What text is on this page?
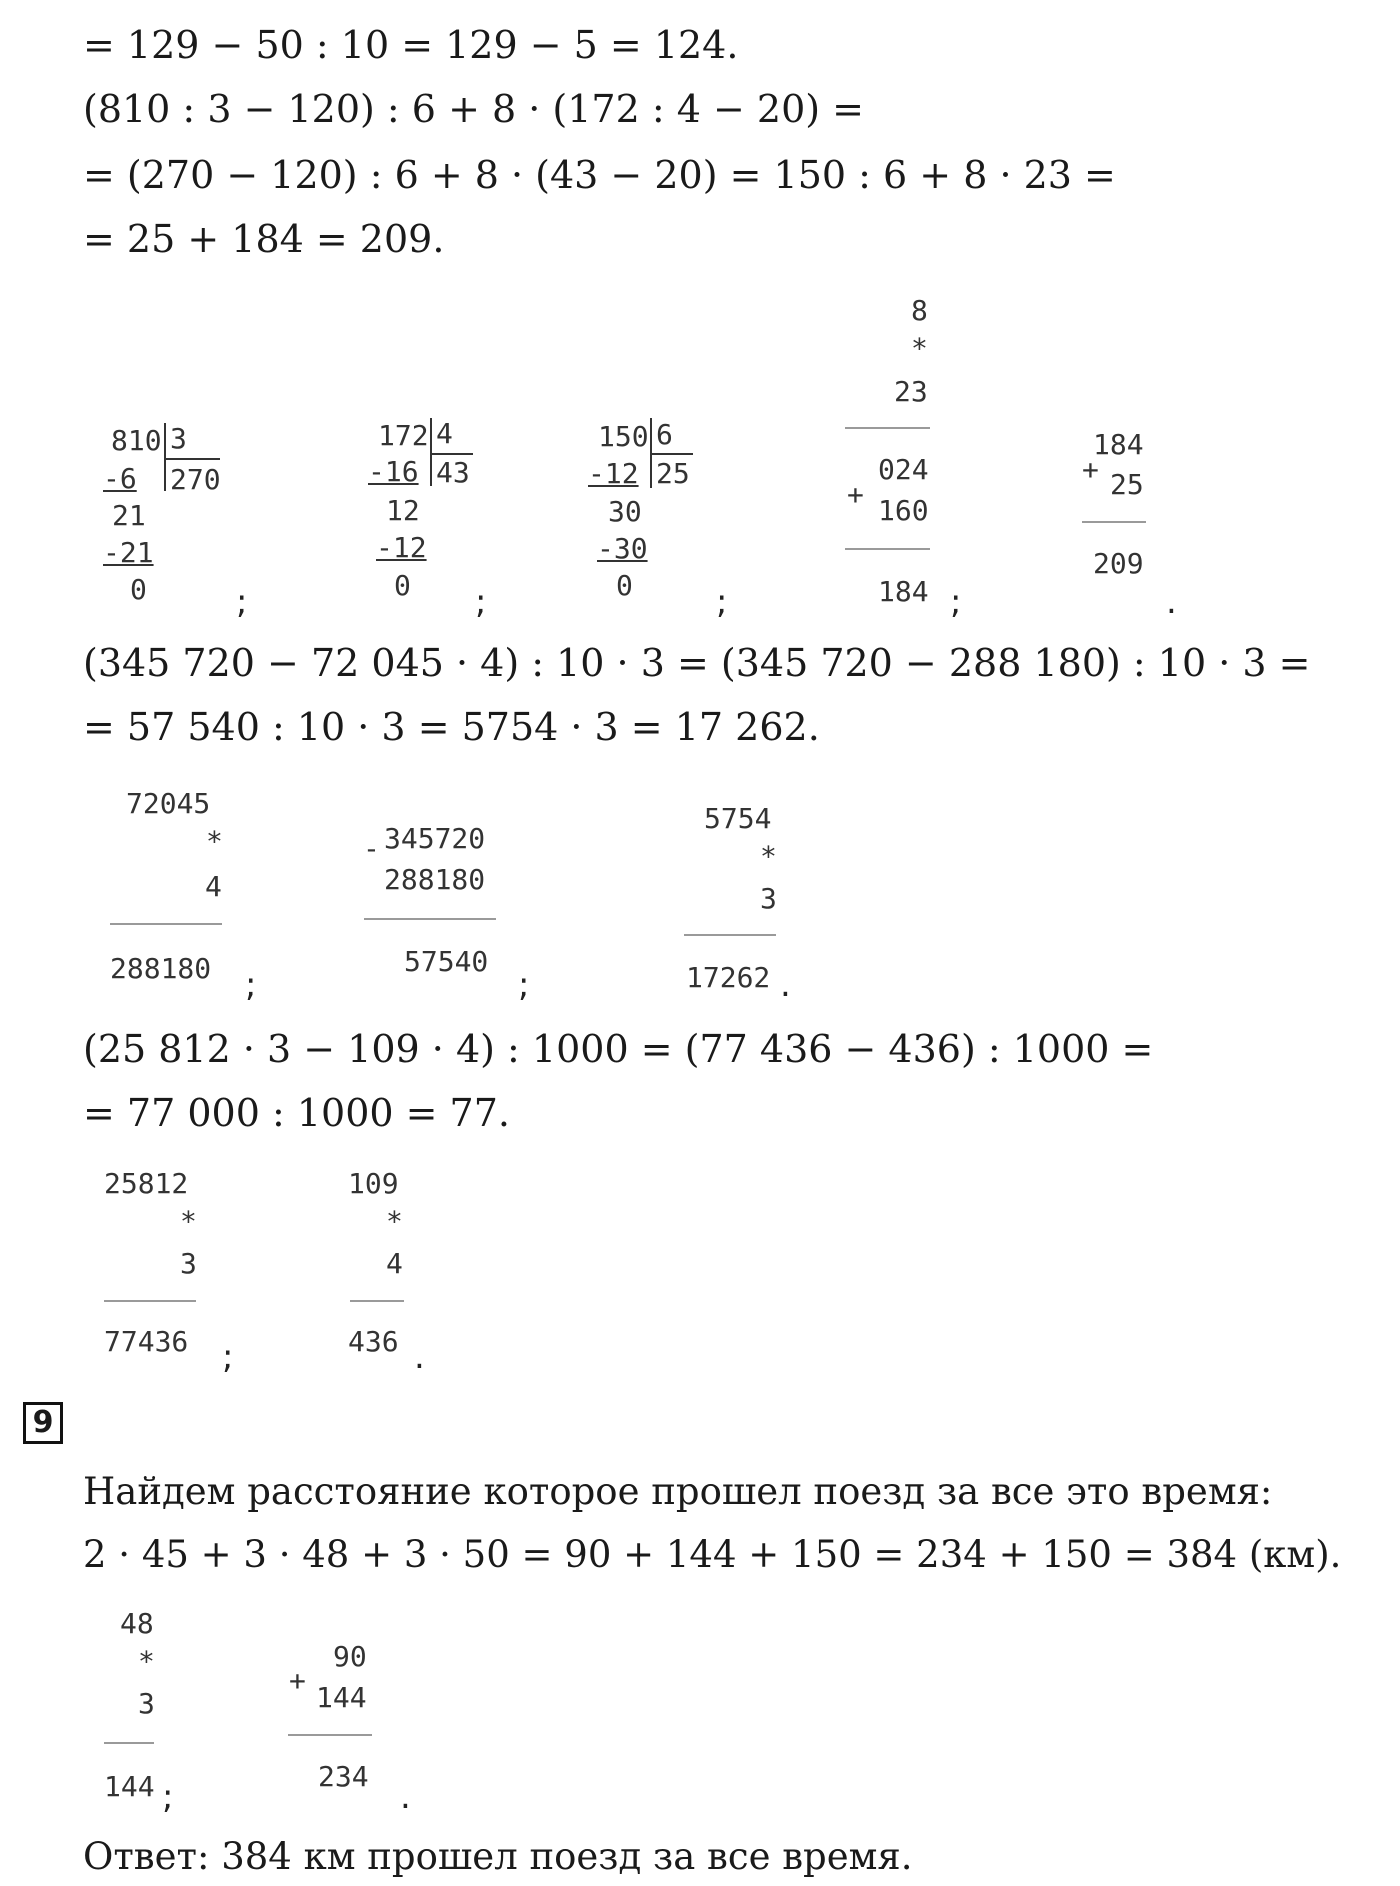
= 129 − 50 : 10 = 129 − 5 = 124.
(810 : 3 − 120) : 6 + 8 · (172 : 4 − 20) =
= (270 − 120) : 6 + 8 · (43 − 20) = 150 : 6 + 8 · 23 =
= 25 + 184 = 209.
810 3
270
-6
21
-21
0	;
172 4
43
-16
12
-12
0 ;
150 6
25
-12
30
-30
0 ;
8
*
23
024
+ 160
184 ;
+
184
25
209
.
(345 720 − 72 045 · 4) : 10 · 3 = (345 720 − 288 180) : 10 · 3 =
= 57 540 : 10 · 3 = 5754 · 3 = 17 262.
72045
*
4
288180 ;
- 345720
288180
57540
;
5754
*
3
17262 .
(25 812 · 3 − 109 · 4) : 1000 = (77 436 − 436) : 1000 =
= 77 000 : 1000 = 77.
25812
*
3
77436 ;
109
*
4
436 .
9
Найдем расстояние которое прошел поезд за все это время:
2 · 45 + 3 · 48 + 3 · 50 = 90 + 144 + 150 = 234 + 150 = 384 (км).
48
*
3
144 ;
+
90
144
234
.
Ответ: 384 км прошел поезд за все время.
